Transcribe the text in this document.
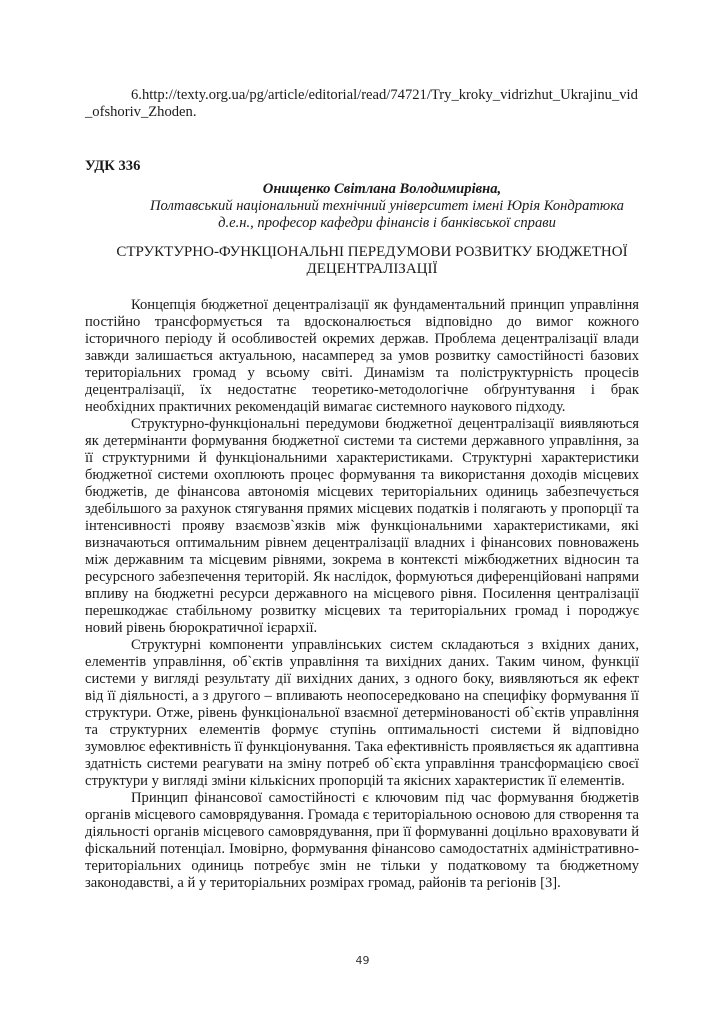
6.http://texty.org.ua/pg/article/editorial/read/74721/Try_kroky_vidrizhut_Ukrajinu_vid_ofshoriv_Zhoden.
УДК 336
Онищенко Світлана Володимирівна,
Полтавський національний технічний університет імені Юрія Кондратюка
д.е.н., професор кафедри фінансів і банківської справи
СТРУКТУРНО-ФУНКЦІОНАЛЬНІ ПЕРЕДУМОВИ РОЗВИТКУ БЮДЖЕТНОЇ
ДЕЦЕНТРАЛІЗАЦІЇ

Концепція бюджетної децентралізації як фундаментальний принцип управління постійно трансформується та вдосконалюється відповідно до вимог кожного історичного періоду й особливостей окремих держав. Проблема децентралізації влади завжди залишається актуальною, насамперед за умов розвитку самостійності базових територіальних громад у всьому світі. Динамізм та поліструктурність процесів децентралізації, їх недостатнє теоретико-методологічне обґрунтування і брак необхідних практичних рекомендацій вимагає системного наукового підходу.

Структурно-функціональні передумови бюджетної децентралізації виявляються як детермінанти формування бюджетної системи та системи державного управління, за її структурними й функціональними характеристиками. Структурні характеристики бюджетної системи охоплюють процес формування та використання доходів місцевих бюджетів, де фінансова автономія місцевих територіальних одиниць забезпечується здебільшого за рахунок стягування прямих місцевих податків і полягають у пропорції та інтенсивності прояву взаємозв`язків між функціональними характеристиками, які визначаються оптимальним рівнем децентралізації владних і фінансових повноважень між державним та місцевим рівнями, зокрема в контексті міжбюджетних відносин та ресурсного забезпечення територій. Як наслідок, формуються диференційовані напрями впливу на бюджетні ресурси державного на місцевого рівня. Посилення централізації перешкоджає стабільному розвитку місцевих та територіальних громад і породжує новий рівень бюрократичної ієрархії.

Структурні компоненти управлінських систем складаються з вхідних даних, елементів управління, об`єктів управління та вихідних даних. Таким чином, функції системи у вигляді результату дії вихідних даних, з одного боку, виявляються як ефект від її діяльності, а з другого – впливають неопосередковано на специфіку формування її структури. Отже, рівень функціональної взаємної детермінованості об`єктів управління та структурних елементів формує ступінь оптимальності системи й відповідно зумовлює ефективність її функціонування. Така ефективність проявляється як адаптивна здатність системи реагувати на зміну потреб об`єкта управління трансформацією своєї структури у вигляді зміни кількісних пропорцій та якісних характеристик її елементів.

Принцип фінансової самостійності є ключовим під час формування бюджетів органів місцевого самоврядування. Громада є територіальною основою для створення та діяльності органів місцевого самоврядування, при її формуванні доцільно враховувати й фіскальний потенціал. Імовірно, формування фінансово самодостатніх адміністративно-територіальних одиниць потребує змін не тільки у податковому та бюджетному законодавстві, а й у територіальних розмірах громад, районів та регіонів [3].

49
